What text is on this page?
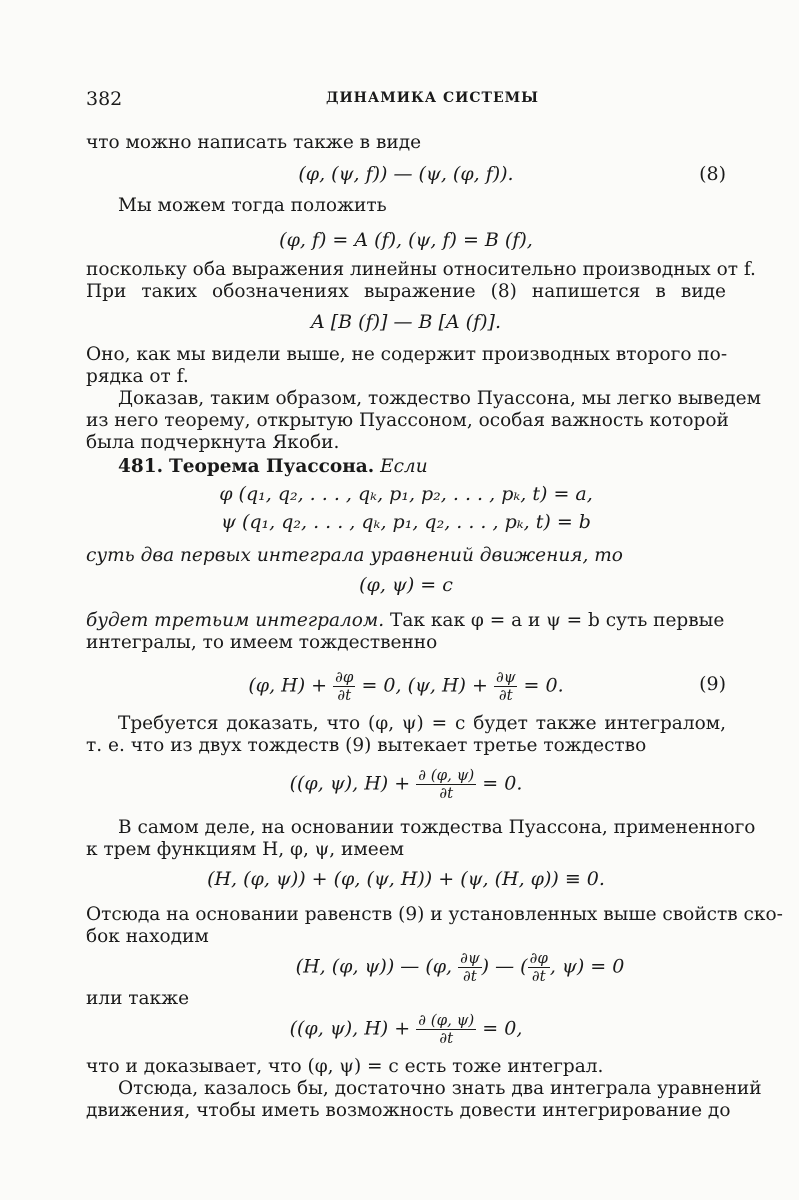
382	ДИНАМИКА СИСТЕМЫ
что можно написать также в виде
(φ, (ψ, f)) — (ψ, (φ, f)).	(8)
Мы можем тогда положить
(φ, f) = A (f), (ψ, f) = B (f),
поскольку оба выражения линейны относительно производных от f.
При таких обозначениях выражение (8) напишется в виде
A [B (f)] — B [A (f)].
Оно, как мы видели выше, не содержит производных второго по-
рядка от f.
Доказав, таким образом, тождество Пуассона, мы легко выведем
из него теорему, открытую Пуассоном, особая важность которой
была подчеркнута Якоби.
481. Теорема Пуассона. Если
φ (q₁, q₂, . . . , qₖ, p₁, p₂, . . . , pₖ, t) = a,
ψ (q₁, q₂, . . . , qₖ, p₁, q₂, . . . , pₖ, t) = b
суть два первых интеграла уравнений движения, то
(φ, ψ) = c
будет третьим интегралом. Так как φ = a и ψ = b суть первые
интегралы, то имеем тождественно
(φ, $H) + \frac{\partial\varphi}{\partial t} = 0$, (ψ, $H) + \frac{\partial\psi}{\partial t} = 0$.	(9)
Требуется доказать, что (φ, ψ) = c будет также интегралом,
т. е. что из двух тождеств (9) вытекает третье тождество
((φ, ψ), $H) + \frac{\partial (\varphi, \psi)}{\partial t} = 0$.
В самом деле, на основании тождества Пуассона, примененного
к трем функциям H, φ, ψ, имеем
(H, (φ, ψ)) + (φ, (ψ, H)) + (ψ, (H, φ)) ≡ 0.
Отсюда на основании равенств (9) и установленных выше свойств ско-
бок находим
(H, (φ, ψ)) — (φ, $\frac{\partial\psi}{\partial t}$ ) — ( $\frac{\partial\varphi}{\partial t}$ , ψ) = 0
или также
((φ, ψ), $H) + \frac{\partial (\varphi, \psi)}{\partial t} = 0$,
что и доказывает, что (φ, ψ) = c есть тоже интеграл.
Отсюда, казалось бы, достаточно знать два интеграла уравнений
движения, чтобы иметь возможность довести интегрирование до
